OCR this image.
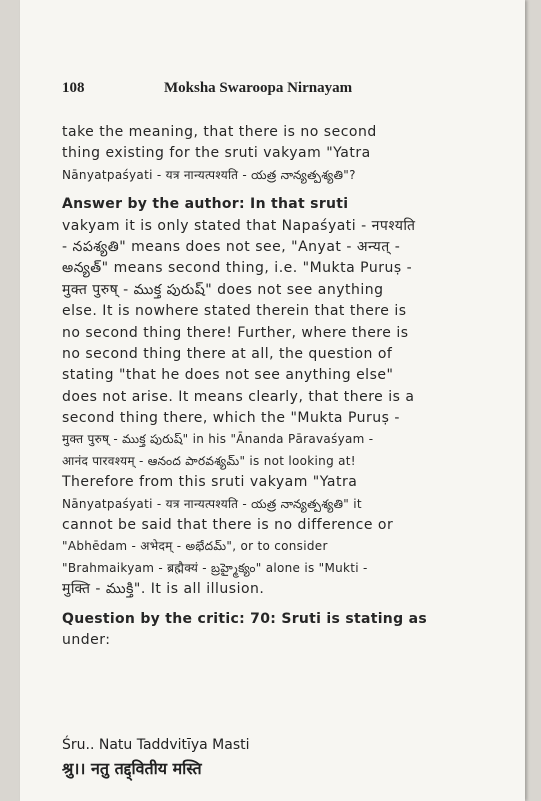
108	Moksha Swaroopa Nirnayam
take the meaning, that there is no second
thing existing for the sruti vakyam "Yatra
Nānyatpaśyati - यत्र नान्यत्पश्यति - యత్ర నాన్యత్పశ్యతి"?
Answer by the author: In that sruti
vakyam it is only stated that Napaśyati - नपश्यति
- నపశ్యతి" means does not see, "Anyat - अन्यत् -
అన్యత్" means second thing, i.e. "Mukta Puruṣ -
मुक्त पुरुष् - ముక్త పురుష్" does not see anything
else. It is nowhere stated therein that there is
no second thing there! Further, where there is
no second thing there at all, the question of
stating "that he does not see anything else"
does not arise. It means clearly, that there is a
second thing there, which the "Mukta Puruṣ -
मुक्त पुरुष् - ముక్త పురుష్" in his "Ānanda Pāravaśyam -
आनंद पारवश्यम् - ఆనంద పారవశ్యమ్" is not looking at!
Therefore from this sruti vakyam "Yatra
Nānyatpaśyati - यत्र नान्यत्पश्यति - యత్ర నాన్యత్పశ్యతి" it
cannot be said that there is no difference or
"Abhēdam - अभेदम् - అభేదమ్", or to consider
"Brahmaikyam - ब्रह्मैक्यं - బ్రహ్మైక్యం" alone is "Mukti -
मुक्ति - ముక్తి". It is all illusion.
Question by the critic: 70: Sruti is stating as
under:
Śru.. Natu Taddvitīya Masti
श्रु।। नतु तद्द्वितीय मस्ति
